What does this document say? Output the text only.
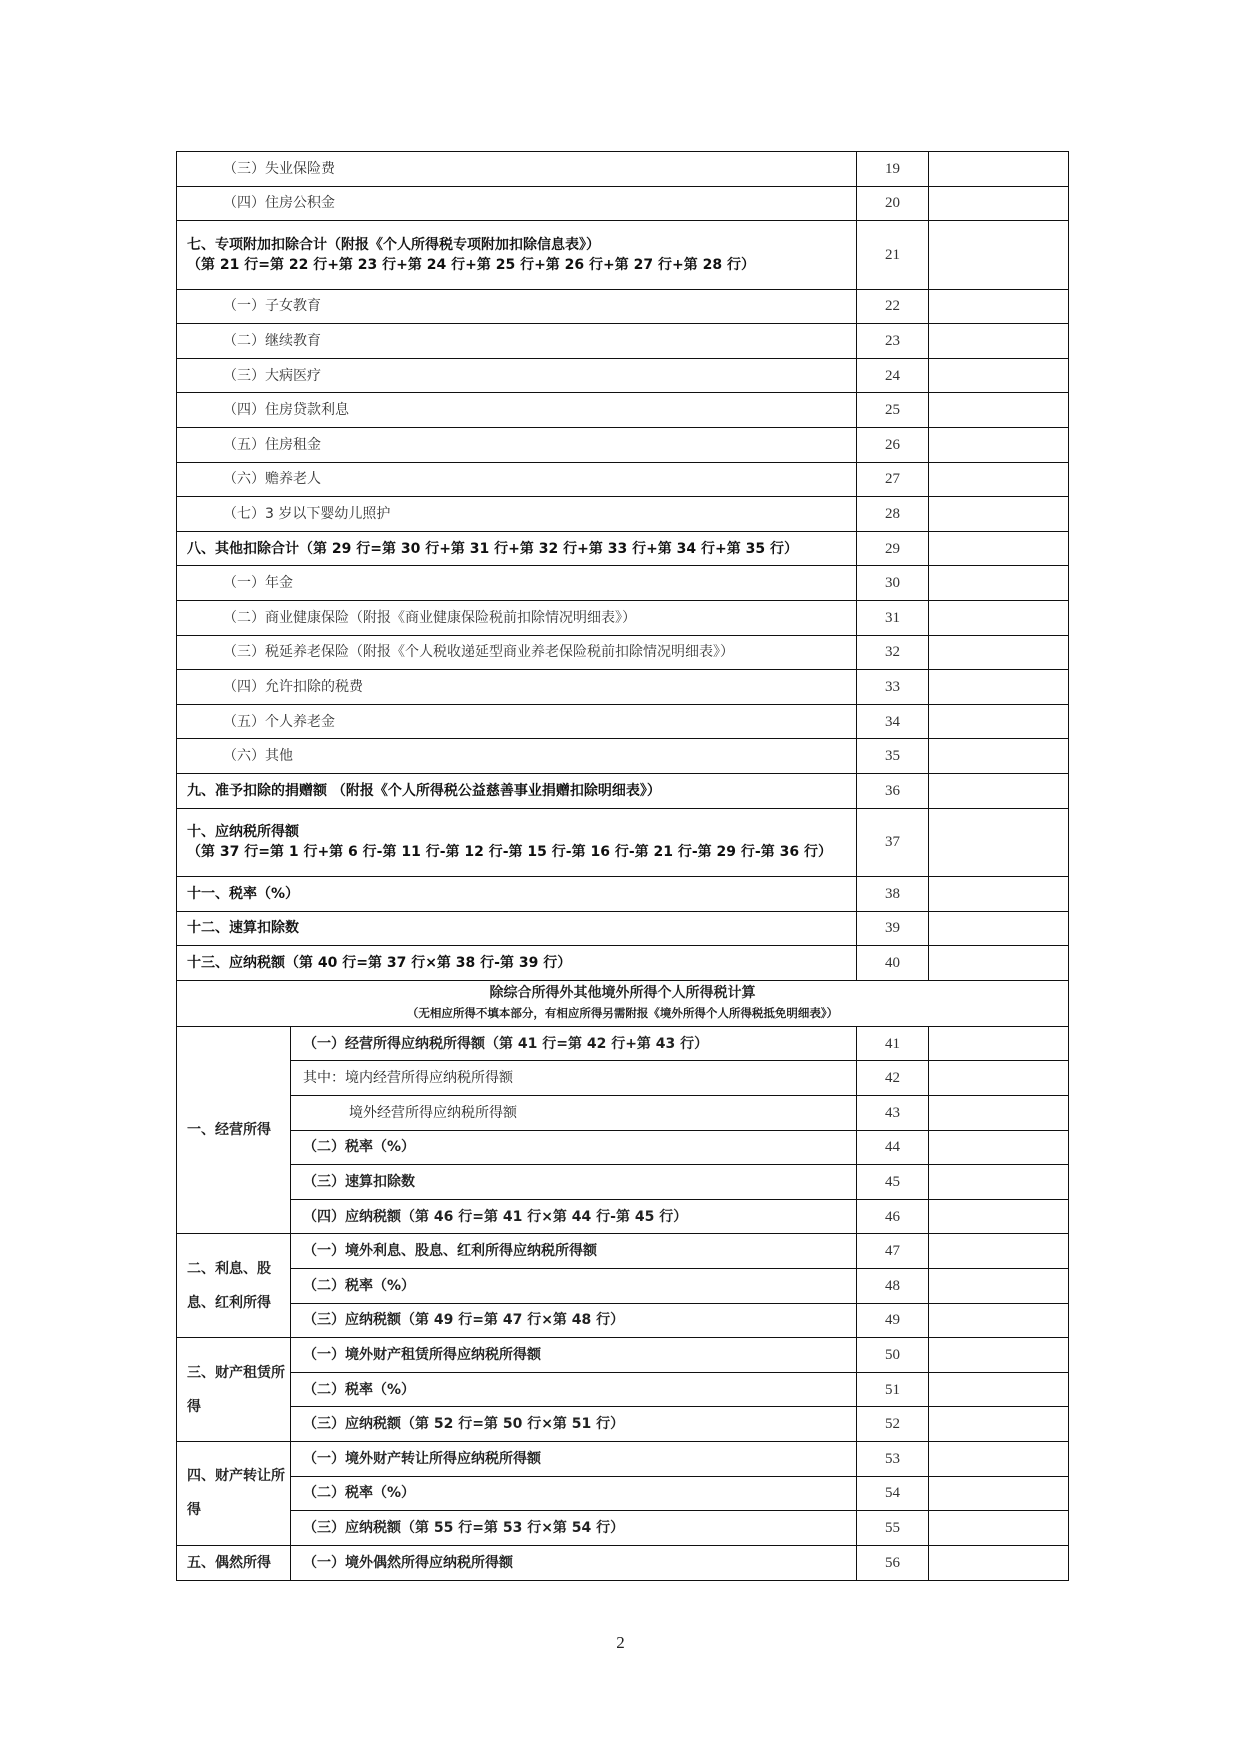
（三）失业保险费		19	
（四）住房公积金		20	
七、专项附加扣除合计（附报《个人所得税专项附加扣除信息表》）
（第 21 行=第 22 行+第 23 行+第 24 行+第 25 行+第 26 行+第 27 行+第 28 行）		21	
（一）子女教育		22	
（二）继续教育		23	
（三）大病医疗		24	
（四）住房贷款利息		25	
（五）住房租金		26	
（六）赡养老人		27	
（七）3 岁以下婴幼儿照护		28	
八、其他扣除合计（第 29 行=第 30 行+第 31 行+第 32 行+第 33 行+第 34 行+第 35 行）		29	
（一）年金		30	
（二）商业健康保险（附报《商业健康保险税前扣除情况明细表》）		31	
（三）税延养老保险（附报《个人税收递延型商业养老保险税前扣除情况明细表》）		32	
（四）允许扣除的税费		33	
（五）个人养老金		34	
（六）其他		35	
九、准予扣除的捐赠额 （附报《个人所得税公益慈善事业捐赠扣除明细表》）		36	
十、应纳税所得额
（第 37 行=第 1 行+第 6 行-第 11 行-第 12 行-第 15 行-第 16 行-第 21 行-第 29 行-第 36 行）		37	
十一、税率（%）		38	
十二、速算扣除数		39	
十三、应纳税额（第 40 行=第 37 行×第 38 行-第 39 行）		40	

除综合所得外其他境外所得个人所得税计算
（无相应所得不填本部分，有相应所得另需附报《境外所得个人所得税抵免明细表》）			

一、经营所得	（一）经营所得应纳税所得额（第 41 行=第 42 行+第 43 行）	41	
	其中：境内经营所得应纳税所得额	42	
	境外经营所得应纳税所得额	43	
	（二）税率（%）	44	
	（三）速算扣除数	45	
	（四）应纳税额（第 46 行=第 41 行×第 44 行-第 45 行）	46	
二、利息、股息、红利所得	（一）境外利息、股息、红利所得应纳税所得额	47	
	（二）税率（%）	48	
	（三）应纳税额（第 49 行=第 47 行×第 48 行）	49	
三、财产租赁所得	（一）境外财产租赁所得应纳税所得额	50	
	（二）税率（%）	51	
	（三）应纳税额（第 52 行=第 50 行×第 51 行）	52	
四、财产转让所得	（一）境外财产转让所得应纳税所得额	53	
	（二）税率（%）	54	
	（三）应纳税额（第 55 行=第 53 行×第 54 行）	55	
五、偶然所得	（一）境外偶然所得应纳税所得额	56	
2
